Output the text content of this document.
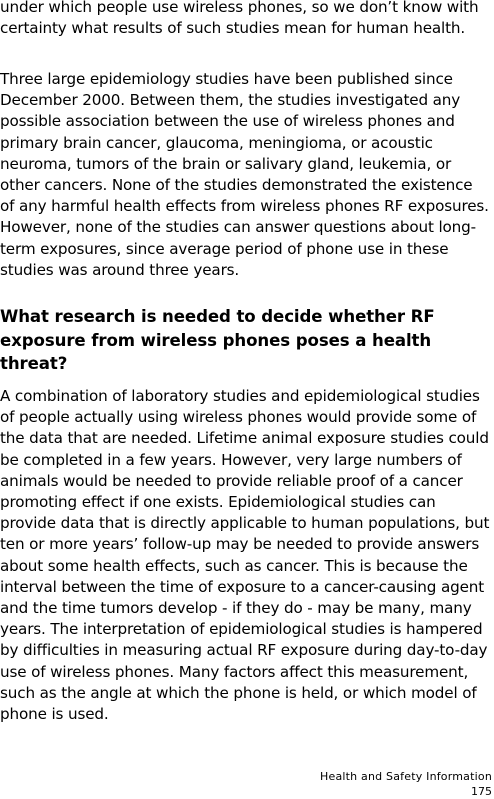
under which people use wireless phones, so we don’t know with certainty what results of such studies mean for human health.

Three large epidemiology studies have been published since December 2000. Between them, the studies investigated any possible association between the use of wireless phones and primary brain cancer, glaucoma, meningioma, or acoustic neuroma, tumors of the brain or salivary gland, leukemia, or other cancers. None of the studies demonstrated the existence of any harmful health effects from wireless phones RF exposures. However, none of the studies can answer questions about long-term exposures, since average period of phone use in these studies was around three years.

What research is needed to decide whether RF exposure from wireless phones poses a health threat?

A combination of laboratory studies and epidemiological studies of people actually using wireless phones would provide some of the data that are needed. Lifetime animal exposure studies could be completed in a few years. However, very large numbers of animals would be needed to provide reliable proof of a cancer promoting effect if one exists. Epidemiological studies can provide data that is directly applicable to human populations, but ten or more years’ follow-up may be needed to provide answers about some health effects, such as cancer. This is because the interval between the time of exposure to a cancer-causing agent and the time tumors develop - if they do - may be many, many years. The interpretation of epidemiological studies is hampered by difficulties in measuring actual RF exposure during day-to-day use of wireless phones. Many factors affect this measurement, such as the angle at which the phone is held, or which model of phone is used.

Health and Safety Information
175
